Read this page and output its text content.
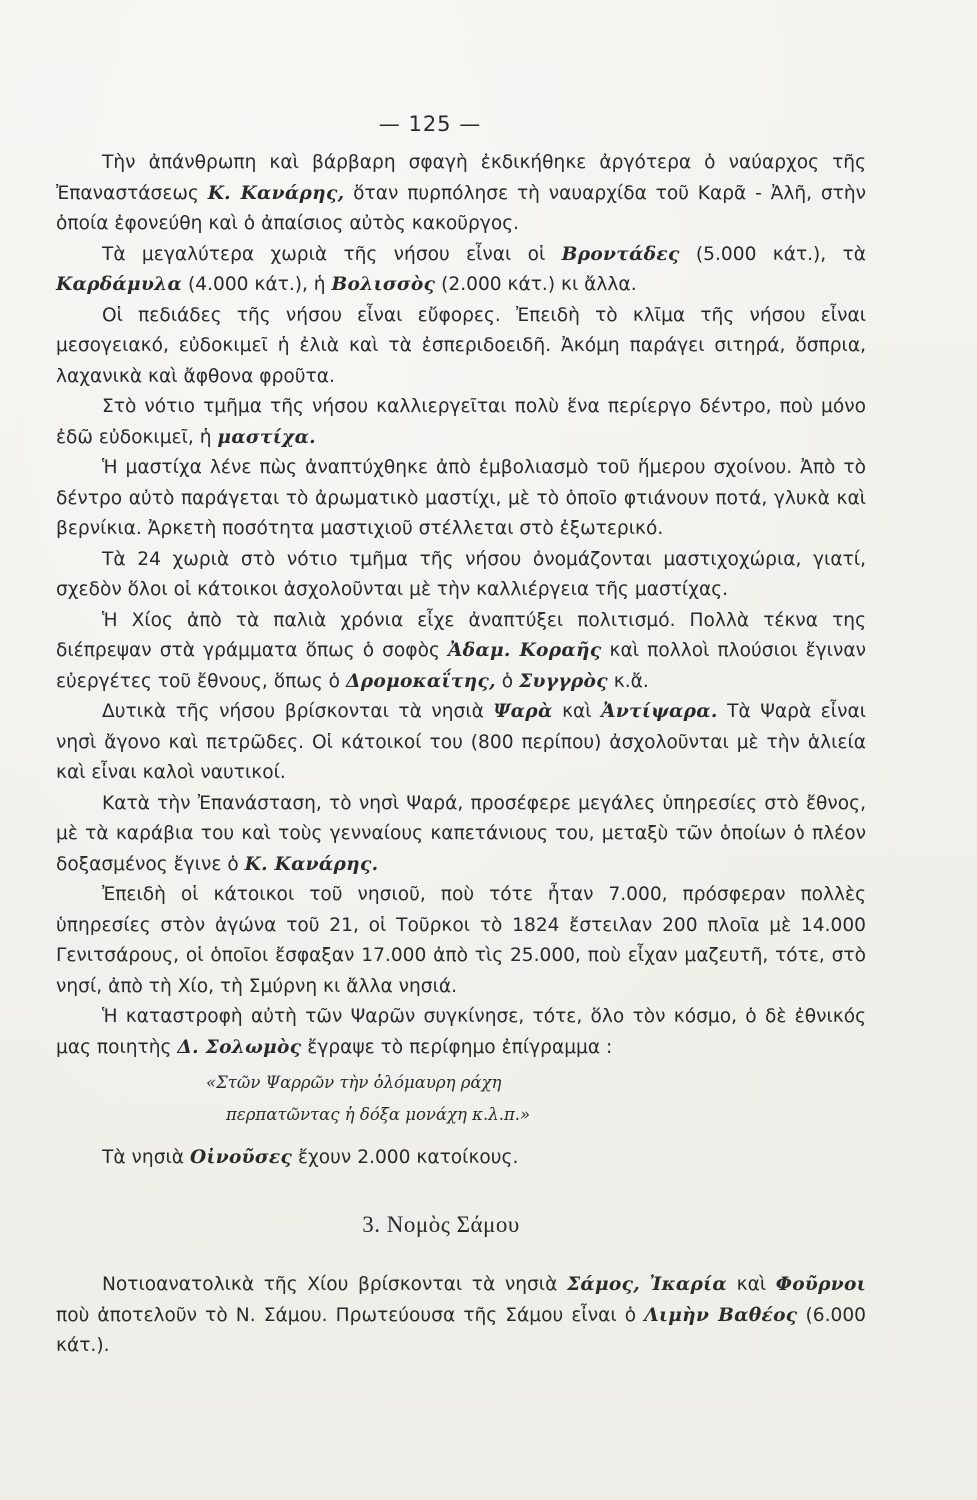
— 125 —

Τὴν ἀπάνθρωπη καὶ βάρβαρη σφαγὴ ἐκδικήθηκε ἀργότερα ὁ ναύαρχος τῆς Ἐπαναστάσεως Κ. Κανάρης, ὅταν πυρπόλησε τὴ ναυαρχίδα τοῦ Καρᾶ - Ἀλῆ, στὴν ὁποία ἐφονεύθη καὶ ὁ ἀπαίσιος αὐτὸς κακοῦργος.

Τὰ μεγαλύτερα χωριὰ τῆς νήσου εἶναι οἱ Βροντάδες (5.000 κάτ.), τὰ Καρδάμυλα (4.000 κάτ.), ἡ Βολισσὸς (2.000 κάτ.) κι ἄλλα.

Οἱ πεδιάδες τῆς νήσου εἶναι εὔφορες. Ἐπειδὴ τὸ κλῖμα τῆς νήσου εἶναι μεσογειακό, εὐδοκιμεῖ ἡ ἐλιὰ καὶ τὰ ἐσπεριδοειδῆ. Ἀκόμη παράγει σιτηρά, ὄσπρια, λαχανικὰ καὶ ἄφθονα φροῦτα.

Στὸ νότιο τμῆμα τῆς νήσου καλλιεργεῖται πολὺ ἕνα περίεργο δέντρο, ποὺ μόνο ἐδῶ εὐδοκιμεῖ, ἡ μαστίχα.

Ἡ μαστίχα λένε πὼς ἀναπτύχθηκε ἀπὸ ἐμβολιασμὸ τοῦ ἥμερου σχοίνου. Ἀπὸ τὸ δέντρο αὐτὸ παράγεται τὸ ἀρωματικὸ μαστίχι, μὲ τὸ ὁποῖο φτιάνουν ποτά, γλυκὰ καὶ βερνίκια. Ἀρκετὴ ποσότητα μαστιχιοῦ στέλλεται στὸ ἐξωτερικό.

Τὰ 24 χωριὰ στὸ νότιο τμῆμα τῆς νήσου ὀνομάζονται μαστιχοχώρια, γιατί, σχεδὸν ὅλοι οἱ κάτοικοι ἀσχολοῦνται μὲ τὴν καλλιέργεια τῆς μαστίχας.

Ἡ Χίος ἀπὸ τὰ παλιὰ χρόνια εἶχε ἀναπτύξει πολιτισμό. Πολλὰ τέκνα της διέπρεψαν στὰ γράμματα ὅπως ὁ σοφὸς Ἀδαμ. Κοραῆς καὶ πολλοὶ πλούσιοι ἔγιναν εὐεργέτες τοῦ ἔθνους, ὅπως ὁ Δρομοκαΐτης, ὁ Συγγρὸς κ.ἄ.

Δυτικὰ τῆς νήσου βρίσκονται τὰ νησιὰ Ψαρὰ καὶ Ἀντίψαρα. Τὰ Ψαρὰ εἶναι νησὶ ἄγονο καὶ πετρῶδες. Οἱ κάτοικοί του (800 περίπου) ἀσχολοῦνται μὲ τὴν ἁλιεία καὶ εἶναι καλοὶ ναυτικοί.

Κατὰ τὴν Ἐπανάσταση, τὸ νησὶ Ψαρά, προσέφερε μεγάλες ὑπηρεσίες στὸ ἔθνος, μὲ τὰ καράβια του καὶ τοὺς γενναίους καπετάνιους του, μεταξὺ τῶν ὁποίων ὁ πλέον δοξασμένος ἔγινε ὁ Κ. Κανάρης.

Ἐπειδὴ οἱ κάτοικοι τοῦ νησιοῦ, ποὺ τότε ἦταν 7.000, πρόσφεραν πολλὲς ὑπηρεσίες στὸν ἀγώνα τοῦ 21, οἱ Τοῦρκοι τὸ 1824 ἔστειλαν 200 πλοῖα μὲ 14.000 Γενιτσάρους, οἱ ὁποῖοι ἔσφαξαν 17.000 ἀπὸ τὶς 25.000, ποὺ εἶχαν μαζευτῆ, τότε, στὸ νησί, ἀπὸ τὴ Χίο, τὴ Σμύρνη κι ἄλλα νησιά.

Ἡ καταστροφὴ αὐτὴ τῶν Ψαρῶν συγκίνησε, τότε, ὅλο τὸν κόσμο, ὁ δὲ ἐθνικός μας ποιητὴς Δ. Σολωμὸς ἔγραψε τὸ περίφημο ἐπίγραμμα :

«Στῶν Ψαρρῶν τὴν ὁλόμαυρη ράχη
περπατῶντας ἡ δόξα μονάχη κ.λ.π.»

Τὰ νησιὰ Οἰνοῦσες ἔχουν 2.000 κατοίκους.

3. Νομὸς Σάμου

Νοτιοανατολικὰ τῆς Χίου βρίσκονται τὰ νησιὰ Σάμος, Ἰκαρία καὶ Φοῦρνοι ποὺ ἀποτελοῦν τὸ Ν. Σάμου. Πρωτεύουσα τῆς Σάμου εἶναι ὁ Λιμὴν Βαθέος (6.000 κάτ.).
